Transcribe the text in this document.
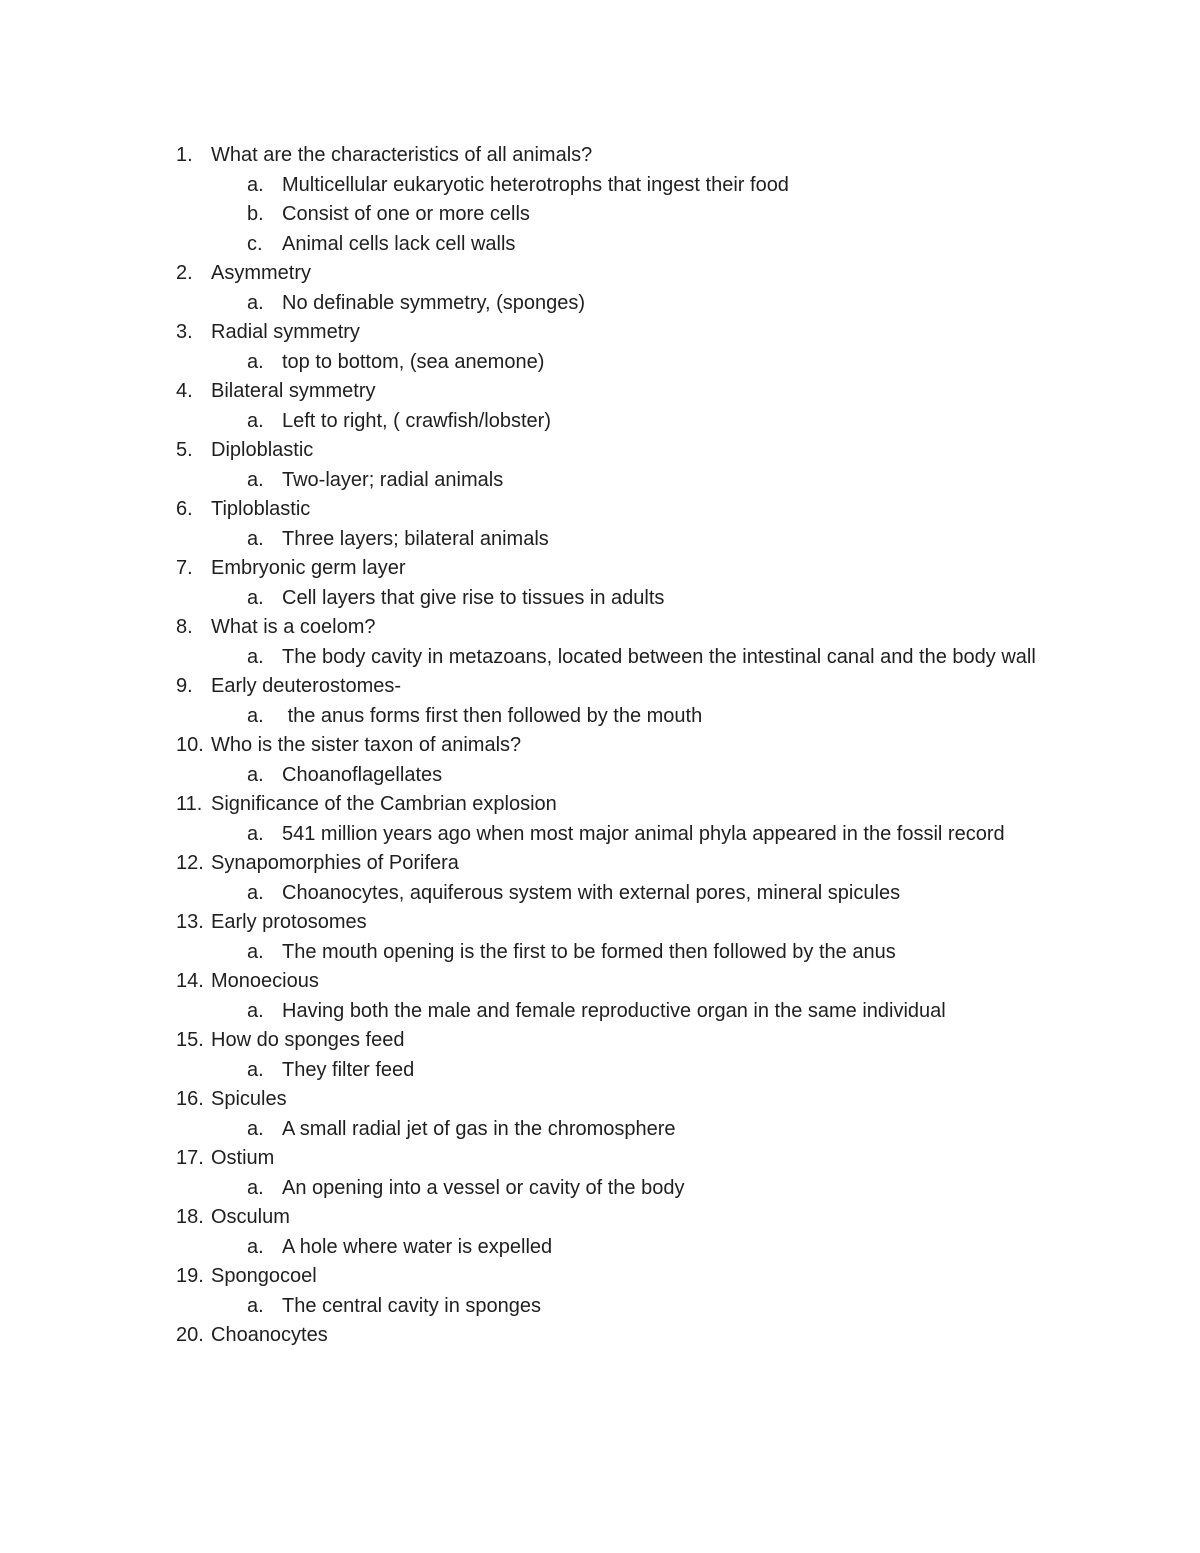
1. What are the characteristics of all animals?
a. Multicellular eukaryotic heterotrophs that ingest their food
b. Consist of one or more cells
c. Animal cells lack cell walls
2. Asymmetry
a. No definable symmetry, (sponges)
3. Radial symmetry
a. top to bottom, (sea anemone)
4. Bilateral symmetry
a. Left to right, ( crawfish/lobster)
5. Diploblastic
a. Two-layer; radial animals
6. Tiploblastic
a. Three layers; bilateral animals
7. Embryonic germ layer
a. Cell layers that give rise to tissues in adults
8. What is a coelom?
a. The body cavity in metazoans, located between the intestinal canal and the body wall
9. Early deuterostomes-
a. the anus forms first then followed by the mouth
10. Who is the sister taxon of animals?
a. Choanoflagellates
11. Significance of the Cambrian explosion
a. 541 million years ago when most major animal phyla appeared in the fossil record
12. Synapomorphies of Porifera
a. Choanocytes, aquiferous system with external pores, mineral spicules
13. Early protosomes
a. The mouth opening is the first to be formed then followed by the anus
14. Monoecious
a. Having both the male and female reproductive organ in the same individual
15. How do sponges feed
a. They filter feed
16. Spicules
a. A small radial jet of gas in the chromosphere
17. Ostium
a. An opening into a vessel or cavity of the body
18. Osculum
a. A hole where water is expelled
19. Spongocoel
a. The central cavity in sponges
20. Choanocytes
